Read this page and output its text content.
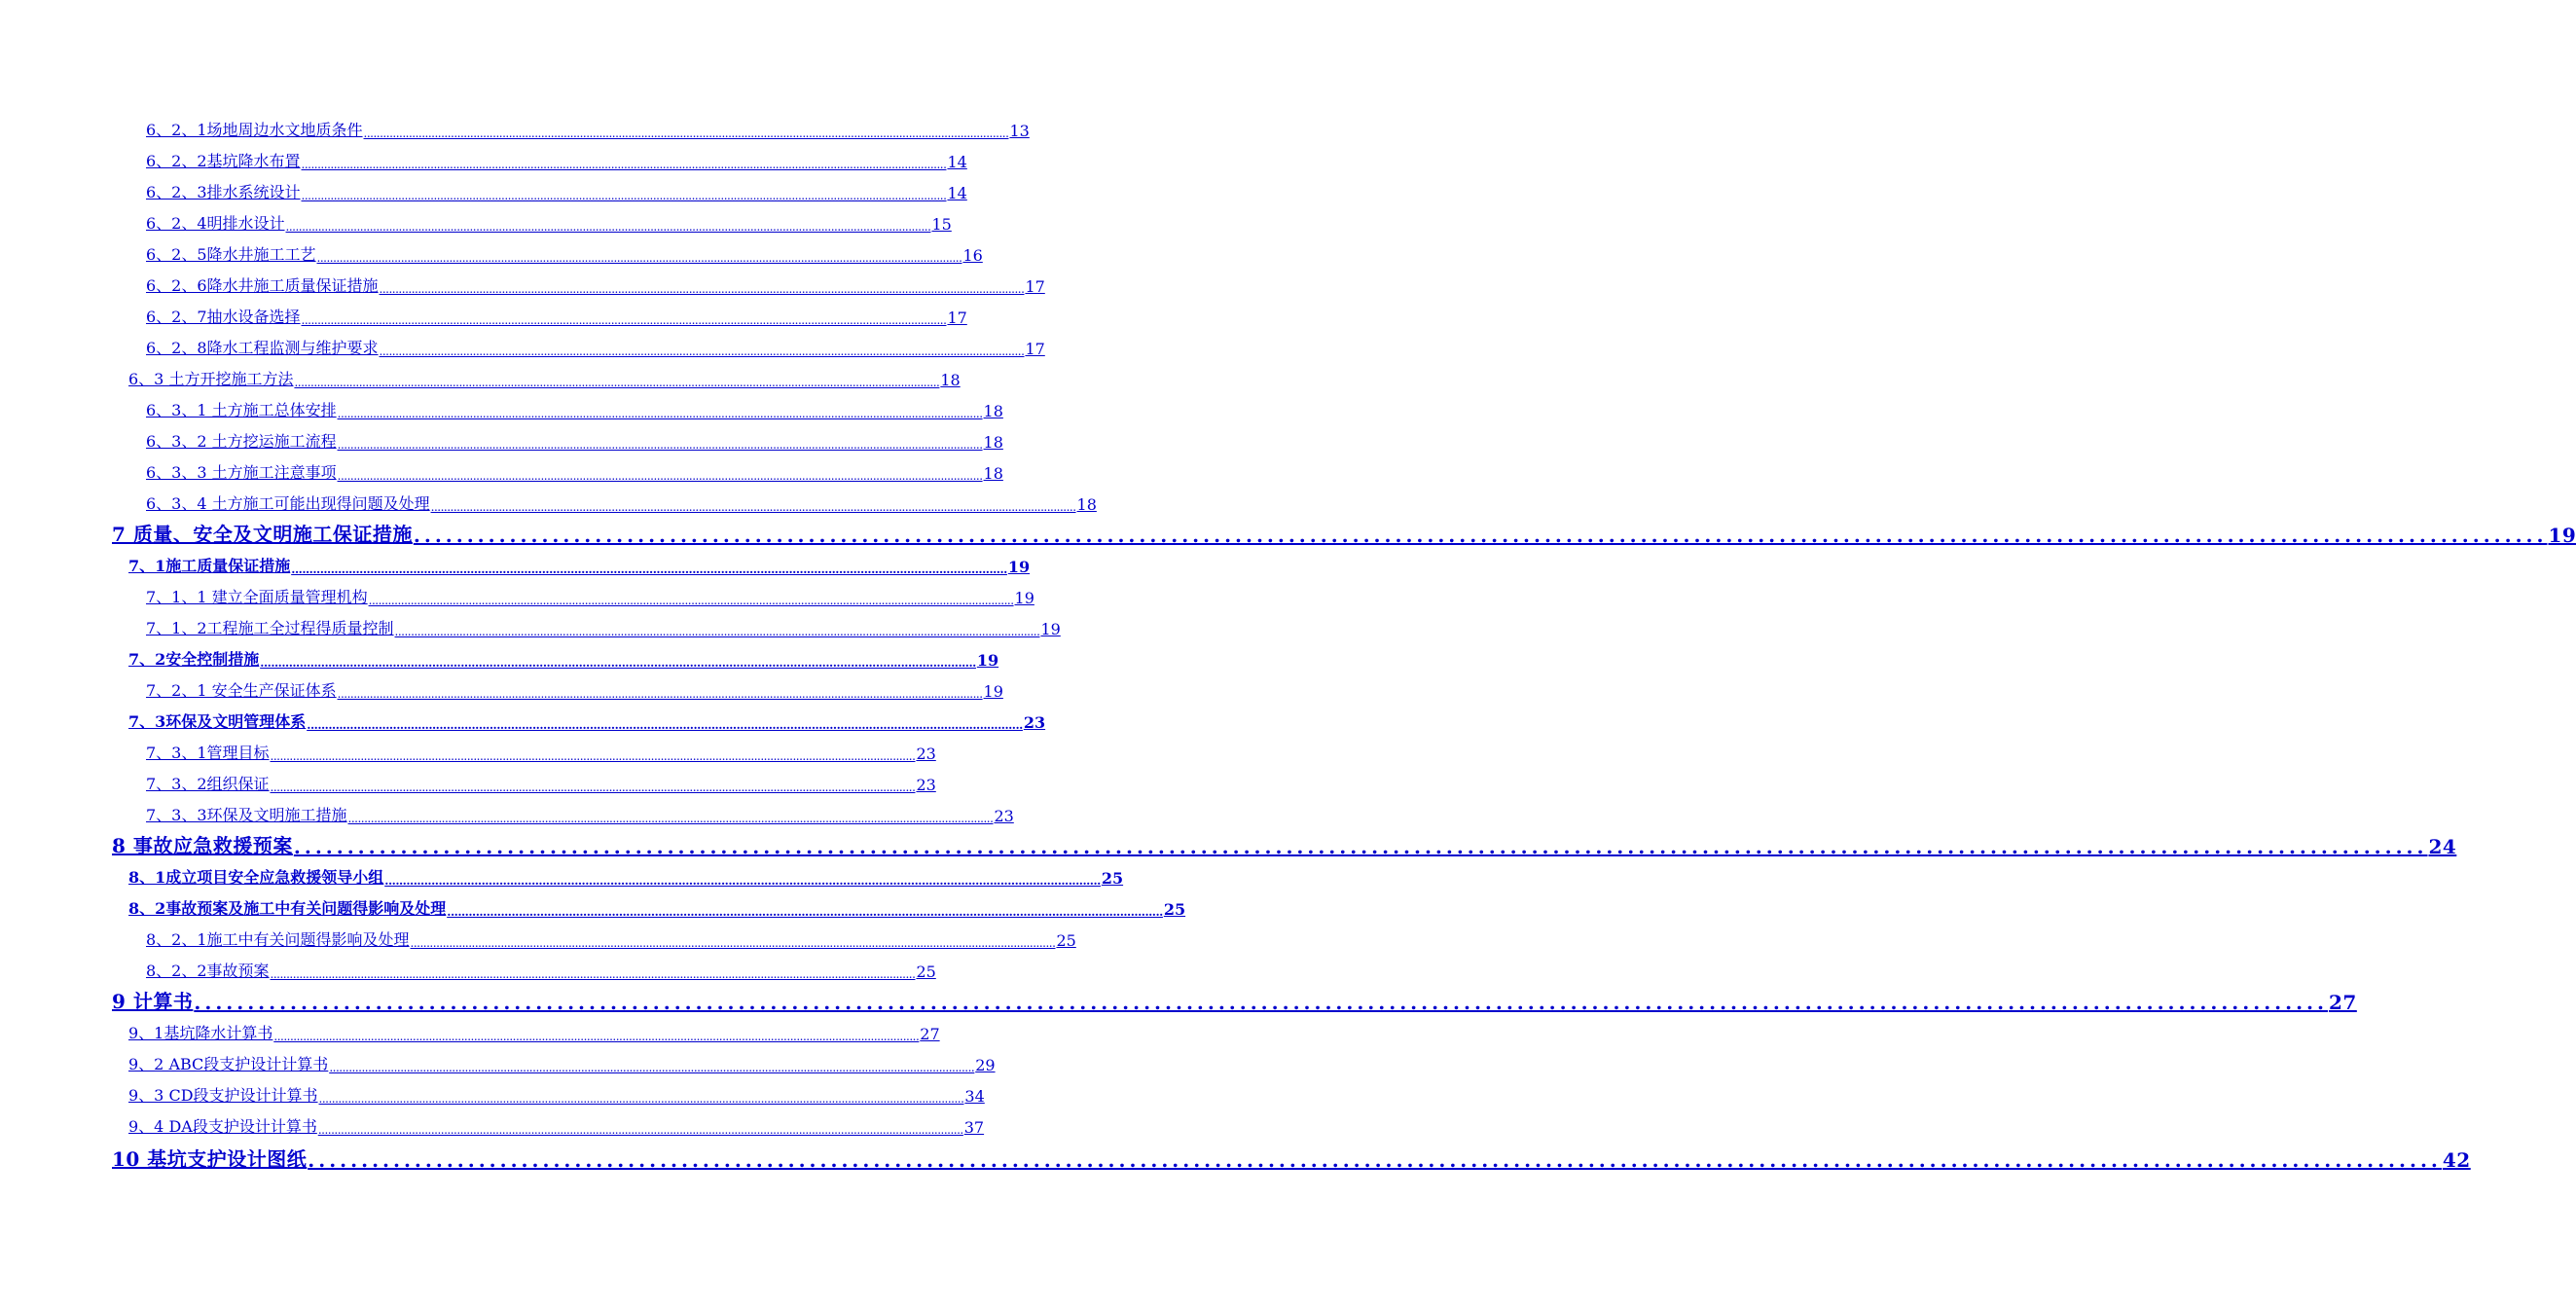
6、2、1场地周边水文地质条件 ........................................................................................................................................................................................................ 13
6、2、2基坑降水布置 ........................................................................................................................................................................................................ 14
6、2、3排水系统设计 ........................................................................................................................................................................................................ 14
6、2、4明排水设计 ........................................................................................................................................................................................................ 15
6、2、5降水井施工工艺 ........................................................................................................................................................................................................ 16
6、2、6降水井施工质量保证措施 ........................................................................................................................................................................................................ 17
6、2、7抽水设备选择 ........................................................................................................................................................................................................ 17
6、2、8降水工程监测与维护要求 ........................................................................................................................................................................................................ 17
6、3 土方开挖施工方法 ........................................................................................................................................................................................................ 18
6、3、1 土方施工总体安排 ........................................................................................................................................................................................................ 18
6、3、2 土方挖运施工流程 ........................................................................................................................................................................................................ 18
6、3、3 土方施工注意事项 ........................................................................................................................................................................................................ 18
6、3、4 土方施工可能出现得问题及处理 ........................................................................................................................................................................................................ 18
7 质量、安全及文明施工保证措施 ........................................................................................................................................................................................................ 19
7、1施工质量保证措施 ........................................................................................................................................................................................................ 19
7、1、1 建立全面质量管理机构 ........................................................................................................................................................................................................ 19
7、1、2工程施工全过程得质量控制 ........................................................................................................................................................................................................ 19
7、2安全控制措施 ........................................................................................................................................................................................................ 19
7、2、1 安全生产保证体系 ........................................................................................................................................................................................................ 19
7、3环保及文明管理体系 ........................................................................................................................................................................................................ 23
7、3、1管理目标 ........................................................................................................................................................................................................ 23
7、3、2组织保证 ........................................................................................................................................................................................................ 23
7、3、3环保及文明施工措施 ........................................................................................................................................................................................................ 23
8 事故应急救援预案 ........................................................................................................................................................................................................ 24
8、1成立项目安全应急救援领导小组 ........................................................................................................................................................................................................ 25
8、2事故预案及施工中有关问题得影响及处理 ........................................................................................................................................................................................................ 25
8、2、1施工中有关问题得影响及处理 ........................................................................................................................................................................................................ 25
8、2、2事故预案 ........................................................................................................................................................................................................ 25
9 计算书 ........................................................................................................................................................................................................ 27
9、1基坑降水计算书 ........................................................................................................................................................................................................ 27
9、2 ABC段支护设计计算书 ........................................................................................................................................................................................................ 29
9、3 CD段支护设计计算书 ........................................................................................................................................................................................................ 34
9、4 DA段支护设计计算书 ........................................................................................................................................................................................................ 37
10 基坑支护设计图纸 ........................................................................................................................................................................................................ 42
